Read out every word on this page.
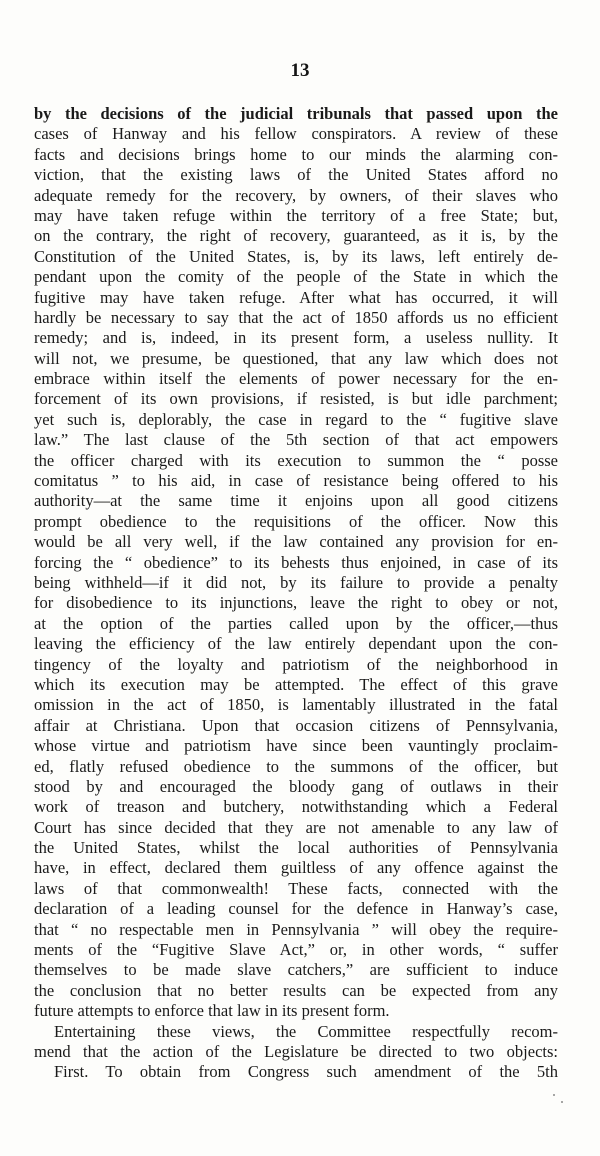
13
by the decisions of the judicial tribunals that passed upon the
cases of Hanway and his fellow conspirators. A review of these
facts and decisions brings home to our minds the alarming con-
viction, that the existing laws of the United States afford no
adequate remedy for the recovery, by owners, of their slaves who
may have taken refuge within the territory of a free State; but,
on the contrary, the right of recovery, guaranteed, as it is, by the
Constitution of the United States, is, by its laws, left entirely de-
pendant upon the comity of the people of the State in which the
fugitive may have taken refuge. After what has occurred, it will
hardly be necessary to say that the act of 1850 affords us no efficient
remedy; and is, indeed, in its present form, a useless nullity. It
will not, we presume, be questioned, that any law which does not
embrace within itself the elements of power necessary for the en-
forcement of its own provisions, if resisted, is but idle parchment;
yet such is, deplorably, the case in regard to the “ fugitive slave
law.” The last clause of the 5th section of that act empowers
the officer charged with its execution to summon the “ posse
comitatus ” to his aid, in case of resistance being offered to his
authority—at the same time it enjoins upon all good citizens
prompt obedience to the requisitions of the officer. Now this
would be all very well, if the law contained any provision for en-
forcing the “ obedience” to its behests thus enjoined, in case of its
being withheld—if it did not, by its failure to provide a penalty
for disobedience to its injunctions, leave the right to obey or not,
at the option of the parties called upon by the officer,—thus
leaving the efficiency of the law entirely dependant upon the con-
tingency of the loyalty and patriotism of the neighborhood in
which its execution may be attempted. The effect of this grave
omission in the act of 1850, is lamentably illustrated in the fatal
affair at Christiana. Upon that occasion citizens of Pennsylvania,
whose virtue and patriotism have since been vauntingly proclaim-
ed, flatly refused obedience to the summons of the officer, but
stood by and encouraged the bloody gang of outlaws in their
work of treason and butchery, notwithstanding which a Federal
Court has since decided that they are not amenable to any law of
the United States, whilst the local authorities of Pennsylvania
have, in effect, declared them guiltless of any offence against the
laws of that commonwealth! These facts, connected with the
declaration of a leading counsel for the defence in Hanway’s case,
that “ no respectable men in Pennsylvania ” will obey the require-
ments of the “Fugitive Slave Act,” or, in other words, “ suffer
themselves to be made slave catchers,” are sufficient to induce
the conclusion that no better results can be expected from any
future attempts to enforce that law in its present form.
Entertaining these views, the Committee respectfully recom-
mend that the action of the Legislature be directed to two objects:
First. To obtain from Congress such amendment of the 5th
